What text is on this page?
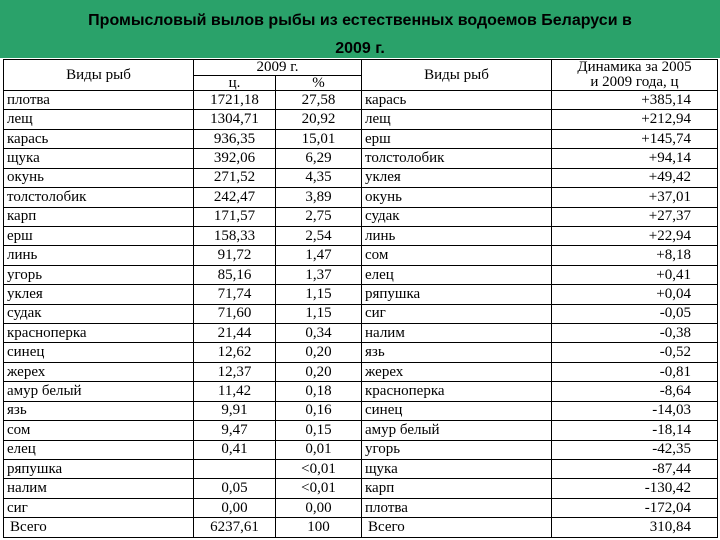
Промысловый вылов рыбы из естественных водоемов Беларуси в
2009 г.
Виды рыб	2009 г.		Виды рыб	Динамика за 2005
и 2009 года, ц

	ц.	%		
плотва	1721,18	27,58	карась	+385,14
лещ	1304,71	20,92	лещ	+212,94
карась	936,35	15,01	ерш	+145,74
щука	392,06	6,29	толстолобик	+94,14
окунь	271,52	4,35	уклея	+49,42
толстолобик	242,47	3,89	окунь	+37,01
карп	171,57	2,75	судак	+27,37
ерш	158,33	2,54	линь	+22,94
линь	91,72	1,47	сом	+8,18
угорь	85,16	1,37	елец	+0,41
уклея	71,74	1,15	ряпушка	+0,04
судак	71,60	1,15	сиг	-0,05
красноперка	21,44	0,34	налим	-0,38
синец	12,62	0,20	язь	-0,52
жерех	12,37	0,20	жерех	-0,81
амур белый	11,42	0,18	красноперка	-8,64
язь	9,91	0,16	синец	-14,03
сом	9,47	0,15	амур белый	-18,14
елец	0,41	0,01	угорь	-42,35
ряпушка		<0,01	щука	-87,44
налим	0,05	<0,01	карп	-130,42
сиг	0,00	0,00	плотва	-172,04
Всего	6237,61	100	Всего	310,84
